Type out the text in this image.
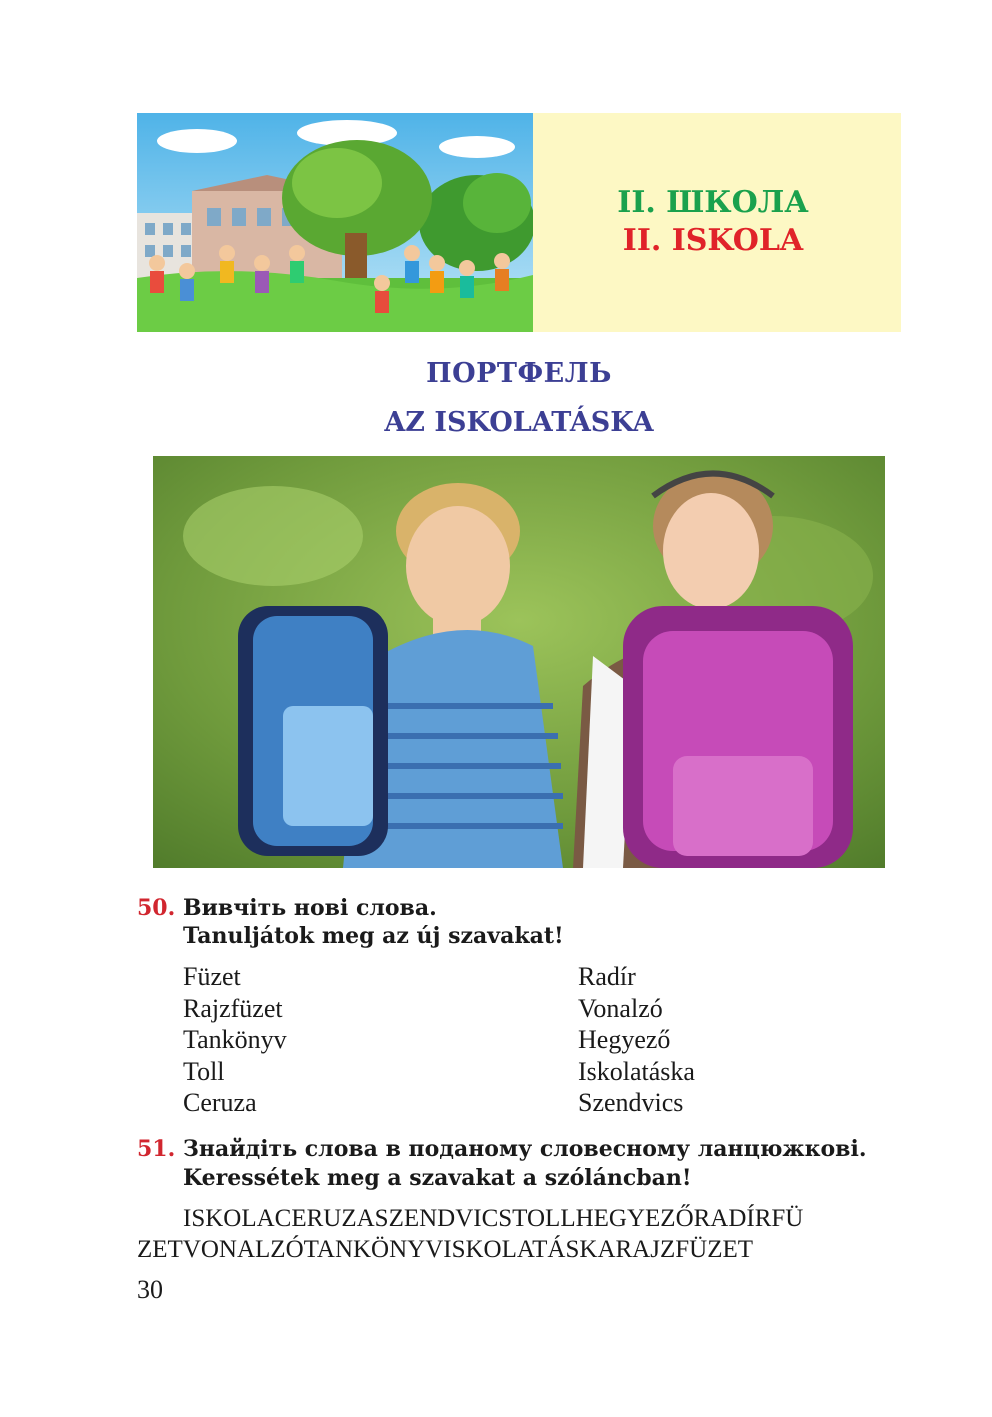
ІІ. ШКОЛА
II. ISKOLA
ПОРТФЕЛЬ
AZ ISKOLATÁSKA
50. Вивчіть нові слова.
Tanuljátok meg az új szavakat!
Füzet
Rajzfüzet
Tankönyv
Toll
Ceruza
Radír
Vonalzó
Hegyező
Iskolatáska
Szendvics
51. Знайдіть слова в поданому словесному ланцюжкові.
Keressétek meg a szavakat a szóláncban!
ISKOLACERUZASZENDVICSTOLLHEGYEZŐRADÍRFÜ
ZETVONALZÓTANKÖNYVISKOLATÁSKARAJZFÜZET
30
